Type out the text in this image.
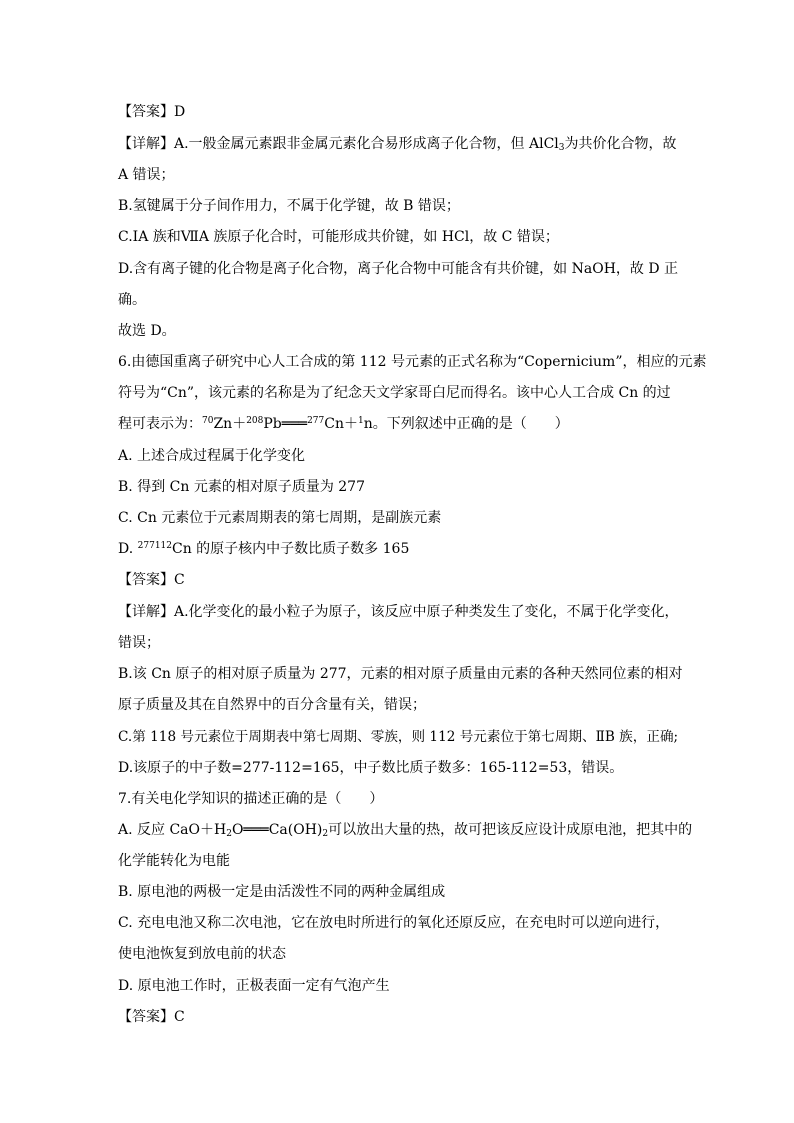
【答案】D
【详解】A.一般金属元素跟非金属元素化合易形成离子化合物，但 AlCl$_3$为共价化合物，故
A 错误；
B.氢键属于分子间作用力，不属于化学键，故 B 错误；
C.ⅠA 族和ⅦA 族原子化合时，可能形成共价键，如 HCl，故 C 错误；
D.含有离子键的化合物是离子化合物，离子化合物中可能含有共价键，如 NaOH，故 D 正
确。
故选 D。
6.由德国重离子研究中心人工合成的第 112 号元素的正式名称为“Copernicium”，相应的元素
符号为“Cn”，该元素的名称是为了纪念天文学家哥白尼而得名。该中心人工合成 Cn 的过
程可表示为：$^{70}$Zn＋$^{208}$Pb═══$^{277}$Cn＋$^1$n。下列叙述中正确的是（　　）
A. 上述合成过程属于化学变化
B. 得到 Cn 元素的相对原子质量为 277
C. Cn 元素位于元素周期表的第七周期，是副族元素
D. $^{277112}$Cn 的原子核内中子数比质子数多 165
【答案】C
【详解】A.化学变化的最小粒子为原子，该反应中原子种类发生了变化，不属于化学变化，
错误；
B.该 Cn 原子的相对原子质量为 277，元素的相对原子质量由元素的各种天然同位素的相对
原子质量及其在自然界中的百分含量有关，错误；
C.第 118 号元素位于周期表中第七周期、零族，则 112 号元素位于第七周期、ⅡB 族，正确;
D.该原子的中子数=277-112=165，中子数比质子数多：165-112=53，错误。
7.有关电化学知识的描述正确的是（　　）
A. 反应 $CaO+H_2O═══Ca(OH)_2$可以放出大量的热，故可把该反应设计成原电池，把其中的
化学能转化为电能
B. 原电池的两极一定是由活泼性不同的两种金属组成
C. 充电电池又称二次电池，它在放电时所进行的氧化还原反应，在充电时可以逆向进行，
使电池恢复到放电前的状态
D. 原电池工作时，正极表面一定有气泡产生
【答案】C
